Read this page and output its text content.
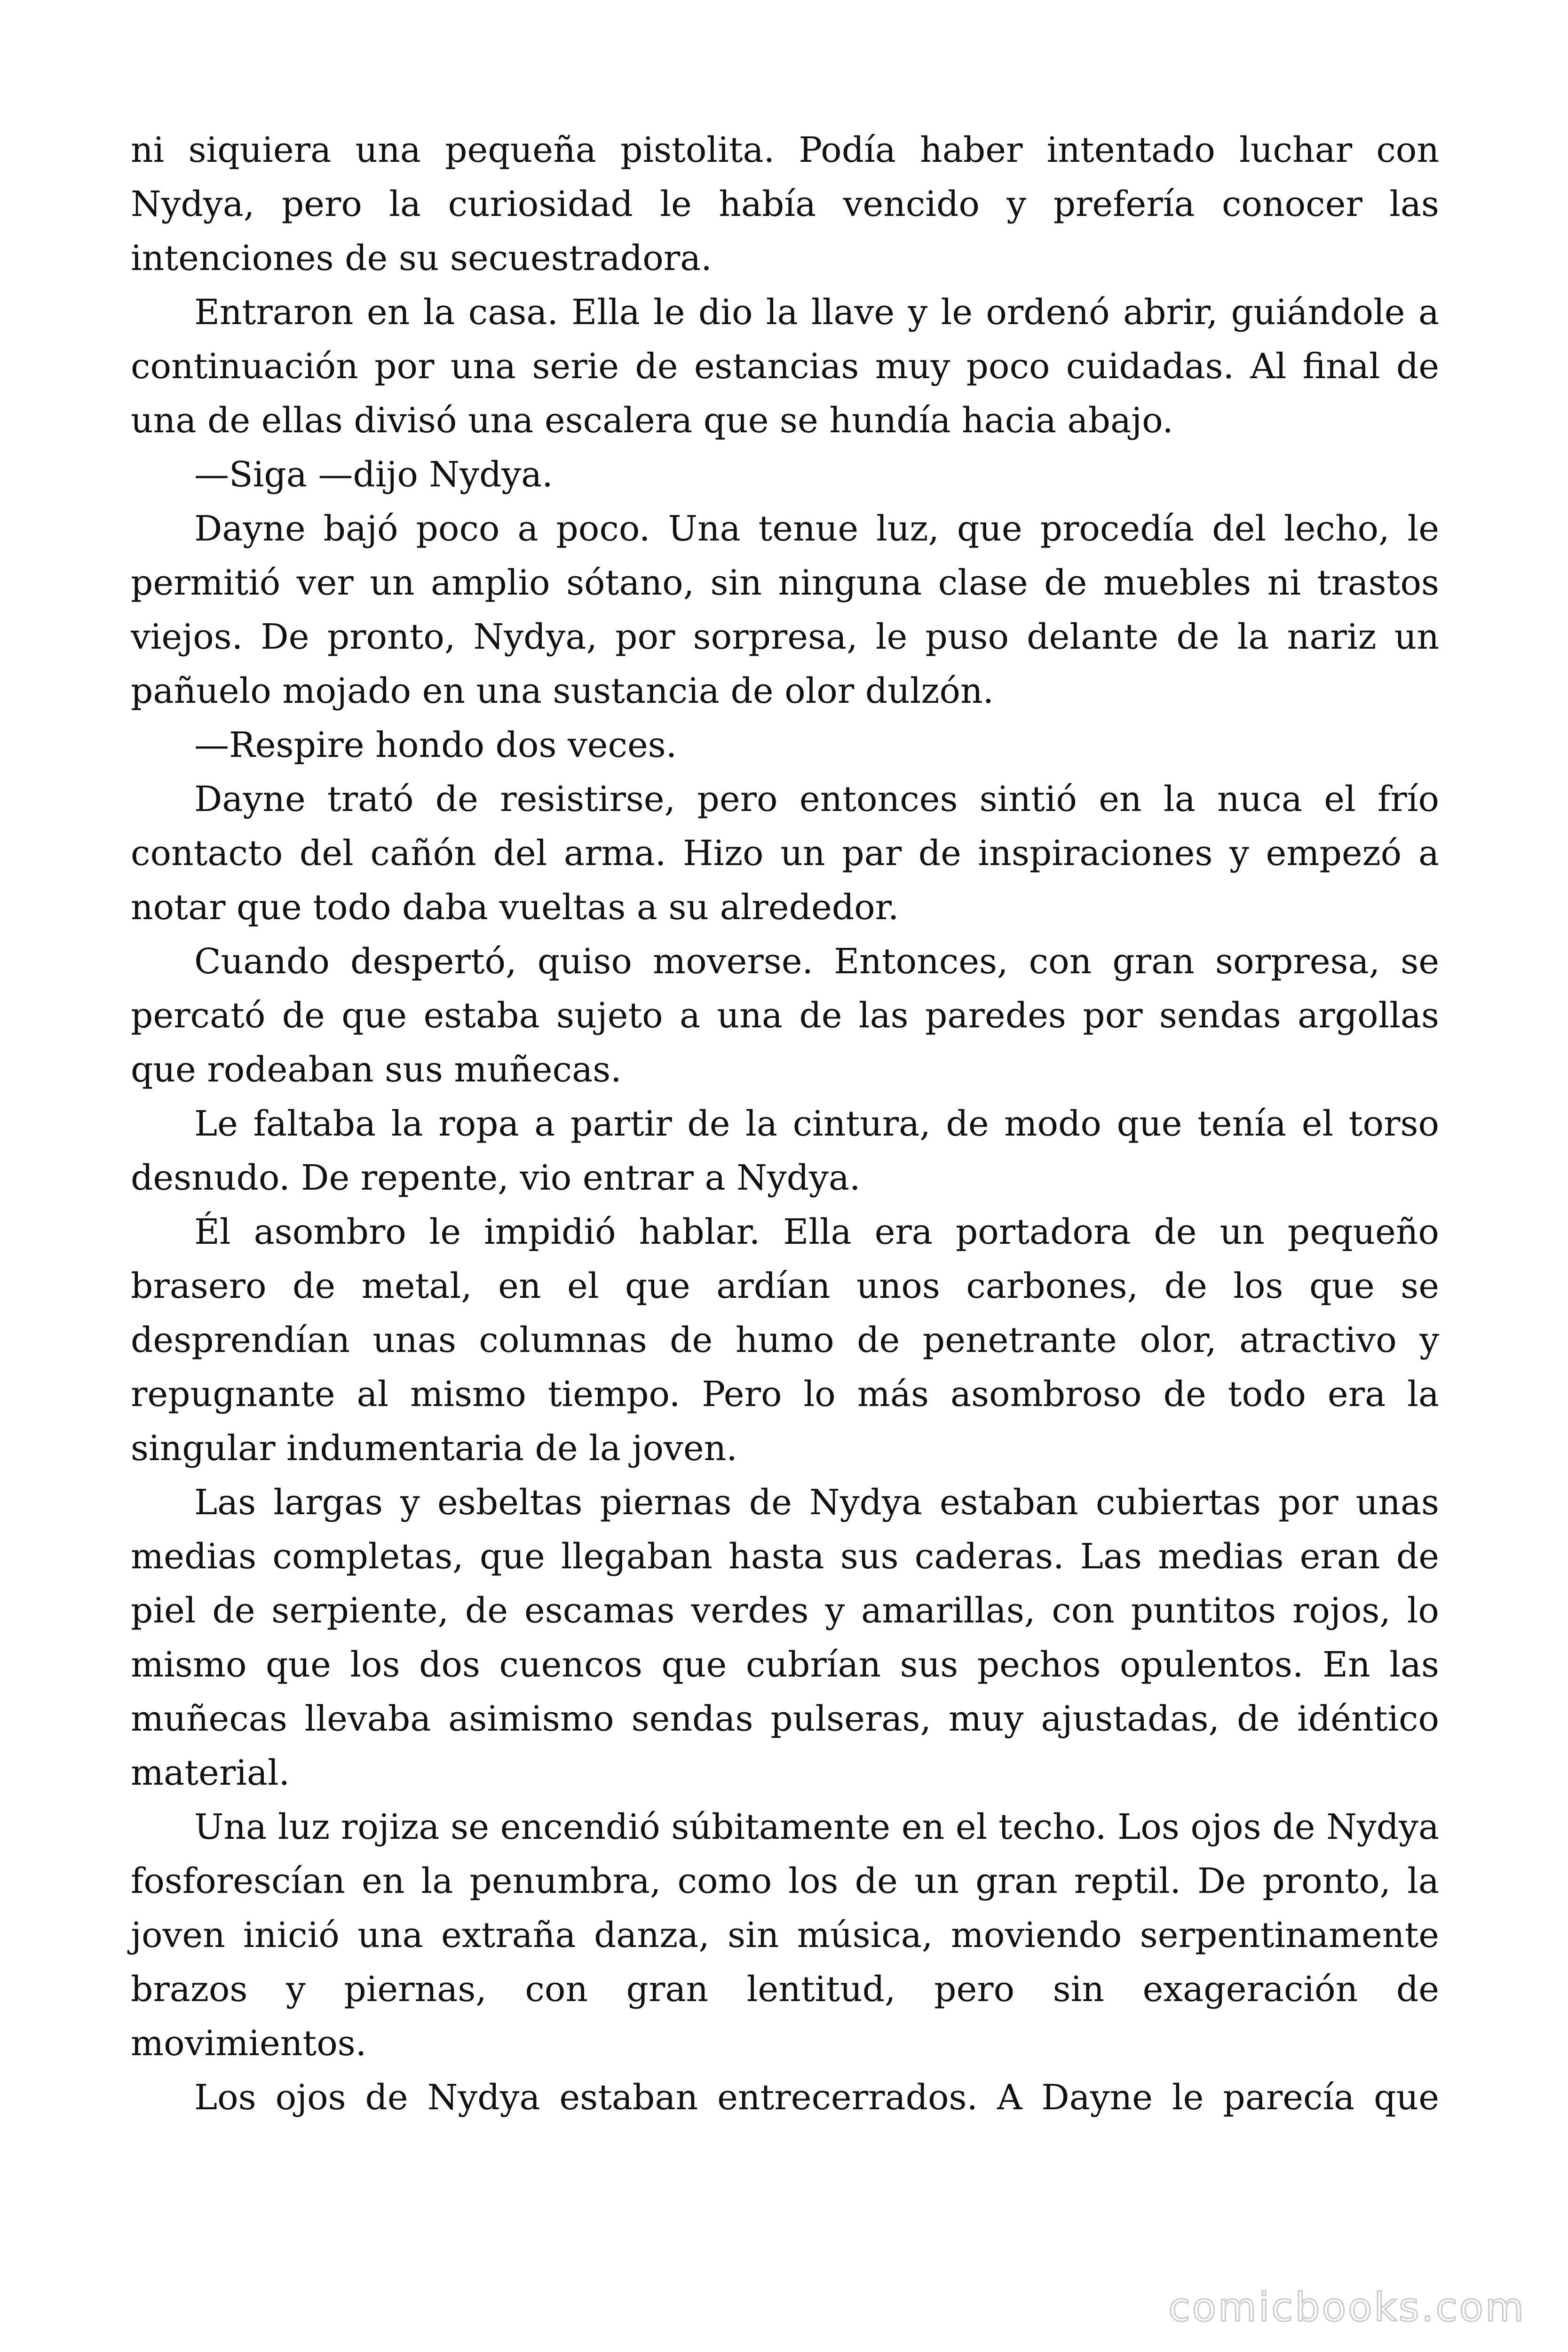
ni siquiera una pequeña pistolita. Podía haber intentado luchar con Nydya, pero la curiosidad le había vencido y prefería conocer las intenciones de su secuestradora.

Entraron en la casa. Ella le dio la llave y le ordenó abrir, guiándole a continuación por una serie de estancias muy poco cuidadas. Al final de una de ellas divisó una escalera que se hundía hacia abajo.

—Siga —dijo Nydya.

Dayne bajó poco a poco. Una tenue luz, que procedía del lecho, le permitió ver un amplio sótano, sin ninguna clase de muebles ni trastos viejos. De pronto, Nydya, por sorpresa, le puso delante de la nariz un pañuelo mojado en una sustancia de olor dulzón.

—Respire hondo dos veces.

Dayne trató de resistirse, pero entonces sintió en la nuca el frío contacto del cañón del arma. Hizo un par de inspiraciones y empezó a notar que todo daba vueltas a su alrededor.

Cuando despertó, quiso moverse. Entonces, con gran sorpresa, se percató de que estaba sujeto a una de las paredes por sendas argollas que rodeaban sus muñecas.

Le faltaba la ropa a partir de la cintura, de modo que tenía el torso desnudo. De repente, vio entrar a Nydya.

Él asombro le impidió hablar. Ella era portadora de un pequeño brasero de metal, en el que ardían unos carbones, de los que se desprendían unas columnas de humo de penetrante olor, atractivo y repugnante al mismo tiempo. Pero lo más asombroso de todo era la singular indumentaria de la joven.

Las largas y esbeltas piernas de Nydya estaban cubiertas por unas medias completas, que llegaban hasta sus caderas. Las medias eran de piel de serpiente, de escamas verdes y amarillas, con puntitos rojos, lo mismo que los dos cuencos que cubrían sus pechos opulentos. En las muñecas llevaba asimismo sendas pulseras, muy ajustadas, de idéntico material.

Una luz rojiza se encendió súbitamente en el techo. Los ojos de Nydya fosforescían en la penumbra, como los de un gran reptil. De pronto, la joven inició una extraña danza, sin música, moviendo serpentinamente brazos y piernas, con gran lentitud, pero sin exageración de movimientos.

Los ojos de Nydya estaban entrecerrados. A Dayne le parecía que

comicbooks.com
